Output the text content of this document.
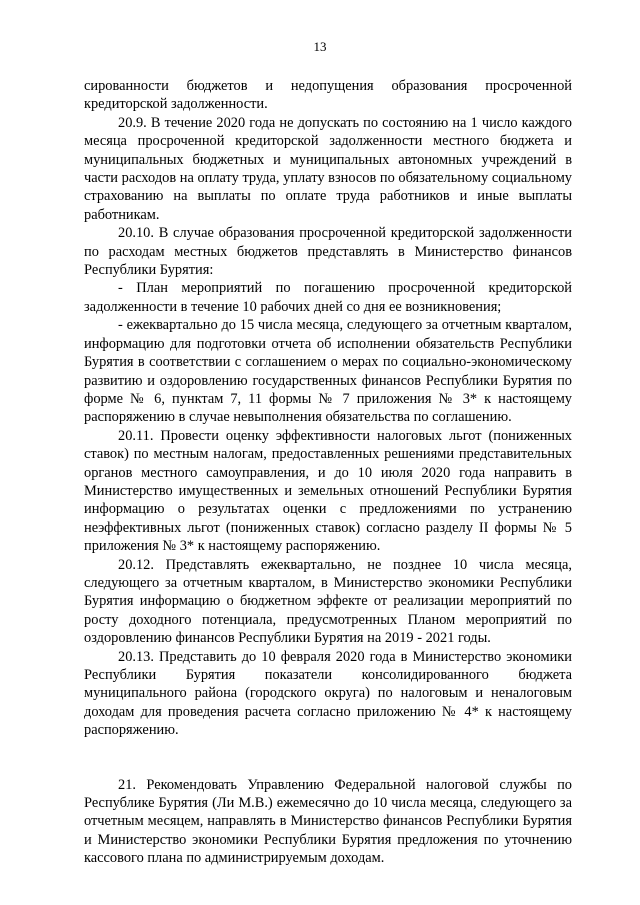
13

сированности бюджетов и недопущения образования просроченной кредиторской задолженности.

20.9. В течение 2020 года не допускать по состоянию на 1 число каждого месяца просроченной кредиторской задолженности местного бюджета и муниципальных бюджетных и муниципальных автономных учреждений в части расходов на оплату труда, уплату взносов по обязательному социальному страхованию на выплаты по оплате труда работников и иные выплаты работникам.

20.10. В случае образования просроченной кредиторской задолженности по расходам местных бюджетов представлять в Министерство финансов Республики Бурятия:

- План мероприятий по погашению просроченной кредиторской задолженности в течение 10 рабочих дней со дня ее возникновения;

- ежеквартально до 15 числа месяца, следующего за отчетным кварталом, информацию для подготовки отчета об исполнении обязательств Республики Бурятия в соответствии с соглашением о мерах по социально-экономическому развитию и оздоровлению государственных финансов Республики Бурятия по форме № 6, пунктам 7, 11 формы № 7 приложения № 3* к настоящему распоряжению в случае невыполнения обязательства по соглашению.

20.11. Провести оценку эффективности налоговых льгот (пониженных ставок) по местным налогам, предоставленных решениями представительных органов местного самоуправления, и до 10 июля 2020 года направить в Министерство имущественных и земельных отношений Республики Бурятия информацию о результатах оценки с предложениями по устранению неэффективных льгот (пониженных ставок) согласно разделу II формы № 5 приложения № 3* к настоящему распоряжению.

20.12. Представлять ежеквартально, не позднее 10 числа месяца, следующего за отчетным кварталом, в Министерство экономики Республики Бурятия информацию о бюджетном эффекте от реализации мероприятий по росту доходного потенциала, предусмотренных Планом мероприятий по оздоровлению финансов Республики Бурятия на 2019 - 2021 годы.

20.13. Представить до 10 февраля 2020 года в Министерство экономики Республики Бурятия показатели консолидированного бюджета муниципального района (городского округа) по налоговым и неналоговым доходам для проведения расчета согласно приложению № 4* к настоящему распоряжению.

21. Рекомендовать Управлению Федеральной налоговой службы по Республике Бурятия (Ли М.В.) ежемесячно до 10 числа месяца, следующего за отчетным месяцем, направлять в Министерство финансов Республики Бурятия и Министерство экономики Республики Бурятия предложения по уточнению кассового плана по администрируемым доходам.
